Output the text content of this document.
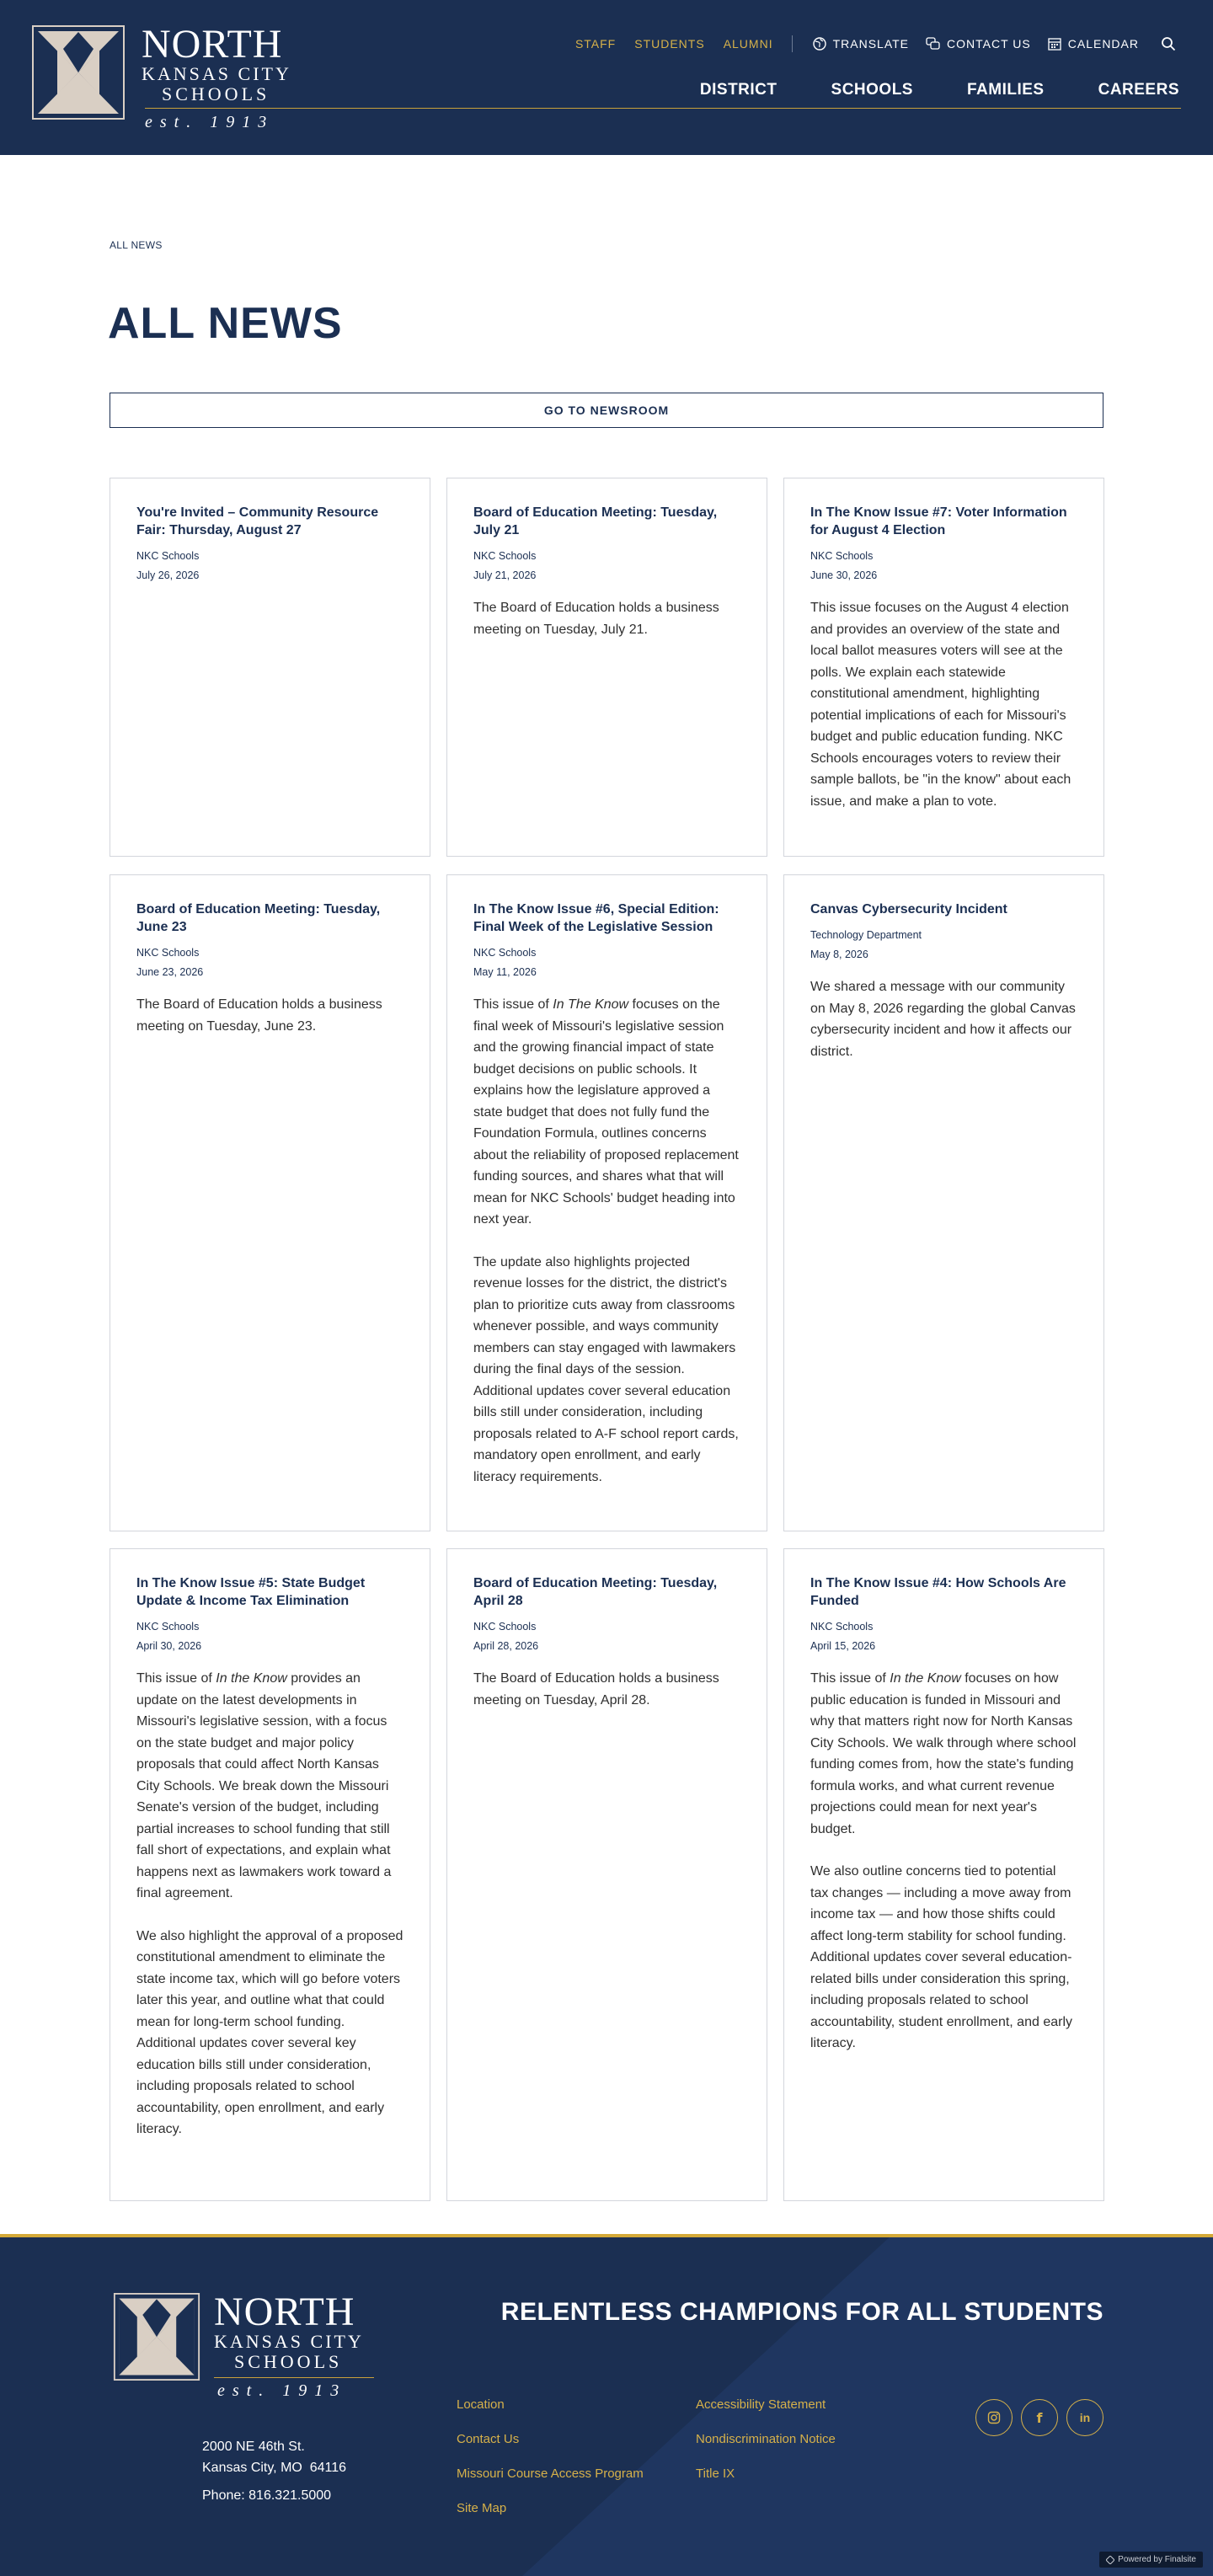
NORTH
KANSAS CITY
SCHOOLS
est. 1913
STAFF STUDENTS ALUMNI	TRANSLATE	CONTACT US	CALENDAR
DISTRICT	SCHOOLS	FAMILIES	CAREERS
ALL NEWS
ALL NEWS
GO TO NEWSROOM
You're Invited – Community Resource Fair: Thursday, August 27
NKC Schools
July 26, 2026
Board of Education Meeting: Tuesday, July 21
NKC Schools
July 21, 2026

The Board of Education holds a business meeting on Tuesday, July 21.

In The Know Issue #7: Voter Information for August 4 Election
NKC Schools
June 30, 2026

This issue focuses on the August 4 election and provides an overview of the state and local ballot measures voters will see at the polls. We explain each statewide constitutional amendment, highlighting potential implications of each for Missouri's budget and public education funding. NKC Schools encourages voters to review their sample ballots, be "in the know" about each issue, and make a plan to vote.

Board of Education Meeting: Tuesday, June 23
NKC Schools
June 23, 2026

The Board of Education holds a business meeting on Tuesday, June 23.

In The Know Issue #6, Special Edition: Final Week of the Legislative Session
NKC Schools
May 11, 2026

This issue of In The Know focuses on the final week of Missouri's legislative session and the growing financial impact of state budget decisions on public schools. It explains how the legislature approved a state budget that does not fully fund the Foundation Formula, outlines concerns about the reliability of proposed replacement funding sources, and shares what that will mean for NKC Schools' budget heading into next year.

The update also highlights projected revenue losses for the district, the district's plan to prioritize cuts away from classrooms whenever possible, and ways community members can stay engaged with lawmakers during the final days of the session. Additional updates cover several education bills still under consideration, including proposals related to A-F school report cards, mandatory open enrollment, and early literacy requirements.

Canvas Cybersecurity Incident
Technology Department
May 8, 2026

We shared a message with our community on May 8, 2026 regarding the global Canvas cybersecurity incident and how it affects our district.

In The Know Issue #5: State Budget Update & Income Tax Elimination
NKC Schools
April 30, 2026

This issue of In the Know provides an update on the latest developments in Missouri's legislative session, with a focus on the state budget and major policy proposals that could affect North Kansas City Schools. We break down the Missouri Senate's version of the budget, including partial increases to school funding that still fall short of expectations, and explain what happens next as lawmakers work toward a final agreement.

We also highlight the approval of a proposed constitutional amendment to eliminate the state income tax, which will go before voters later this year, and outline what that could mean for long-term school funding. Additional updates cover several key education bills still under consideration, including proposals related to school accountability, open enrollment, and early literacy.

Board of Education Meeting: Tuesday, April 28
NKC Schools
April 28, 2026

The Board of Education holds a business meeting on Tuesday, April 28.

In The Know Issue #4: How Schools Are Funded
NKC Schools
April 15, 2026

This issue of In the Know focuses on how public education is funded in Missouri and why that matters right now for North Kansas City Schools. We walk through where school funding comes from, how the state's funding formula works, and what current revenue projections could mean for next year's budget.

We also outline concerns tied to potential tax changes — including a move away from income tax — and how those shifts could affect long-term stability for school funding. Additional updates cover several education-related bills under consideration this spring, including proposals related to school accountability, student enrollment, and early literacy.

NORTH
KANSAS CITY
SCHOOLS
est. 1913
RELENTLESS CHAMPIONS FOR ALL STUDENTS
2000 NE 46th St.
Kansas City, MO  64116
Phone: 816.321.5000
Location
Contact Us
Missouri Course Access Program
Site Map
Accessibility Statement
Nondiscrimination Notice
Title IX
f	in
Powered by Finalsite
